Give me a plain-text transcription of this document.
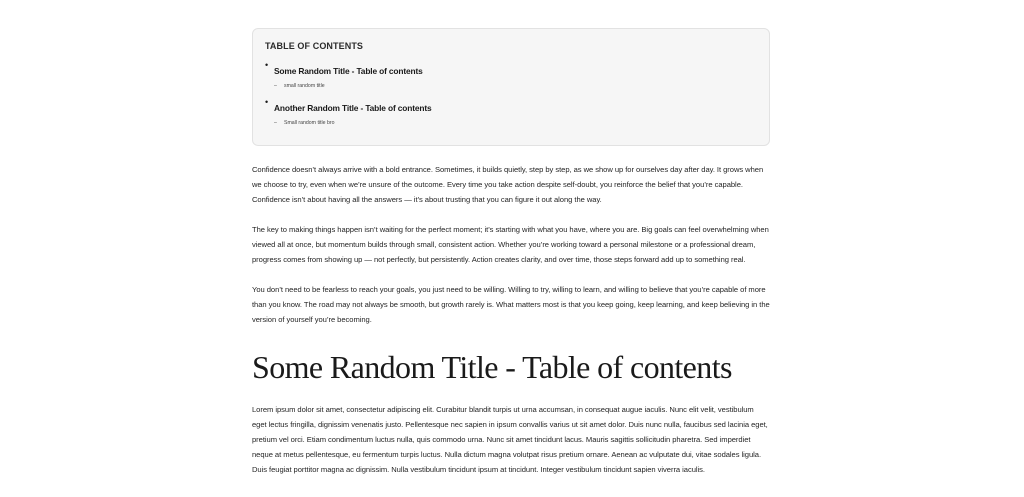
TABLE OF CONTENTS
• Some Random Title - Table of contents
– small random title
• Another Random Title - Table of contents
– Small random title bro

Confidence doesn’t always arrive with a bold entrance. Sometimes, it builds quietly, step by step, as we show up for ourselves day after day. It grows when we choose to try, even when we’re unsure of the outcome. Every time you take action despite self-doubt, you reinforce the belief that you’re capable. Confidence isn’t about having all the answers — it’s about trusting that you can figure it out along the way.

The key to making things happen isn’t waiting for the perfect moment; it’s starting with what you have, where you are. Big goals can feel overwhelming when viewed all at once, but momentum builds through small, consistent action. Whether you’re working toward a personal milestone or a professional dream, progress comes from showing up — not perfectly, but persistently. Action creates clarity, and over time, those steps forward add up to something real.

You don’t need to be fearless to reach your goals, you just need to be willing. Willing to try, willing to learn, and willing to believe that you’re capable of more than you know. The road may not always be smooth, but growth rarely is. What matters most is that you keep going, keep learning, and keep believing in the version of yourself you’re becoming.

Some Random Title - Table of contents

Lorem ipsum dolor sit amet, consectetur adipiscing elit. Curabitur blandit turpis ut urna accumsan, in consequat augue iaculis. Nunc elit velit, vestibulum eget lectus fringilla, dignissim venenatis justo. Pellentesque nec sapien in ipsum convallis varius ut sit amet dolor. Duis nunc nulla, faucibus sed lacinia eget, pretium vel orci. Etiam condimentum luctus nulla, quis commodo urna. Nunc sit amet tincidunt lacus. Mauris sagittis sollicitudin pharetra. Sed imperdiet neque at metus pellentesque, eu fermentum turpis luctus. Nulla dictum magna volutpat risus pretium ornare. Aenean ac vulputate dui, vitae sodales ligula. Duis feugiat porttitor magna ac dignissim. Nulla vestibulum tincidunt ipsum at tincidunt. Integer vestibulum tincidunt sapien viverra iaculis.
